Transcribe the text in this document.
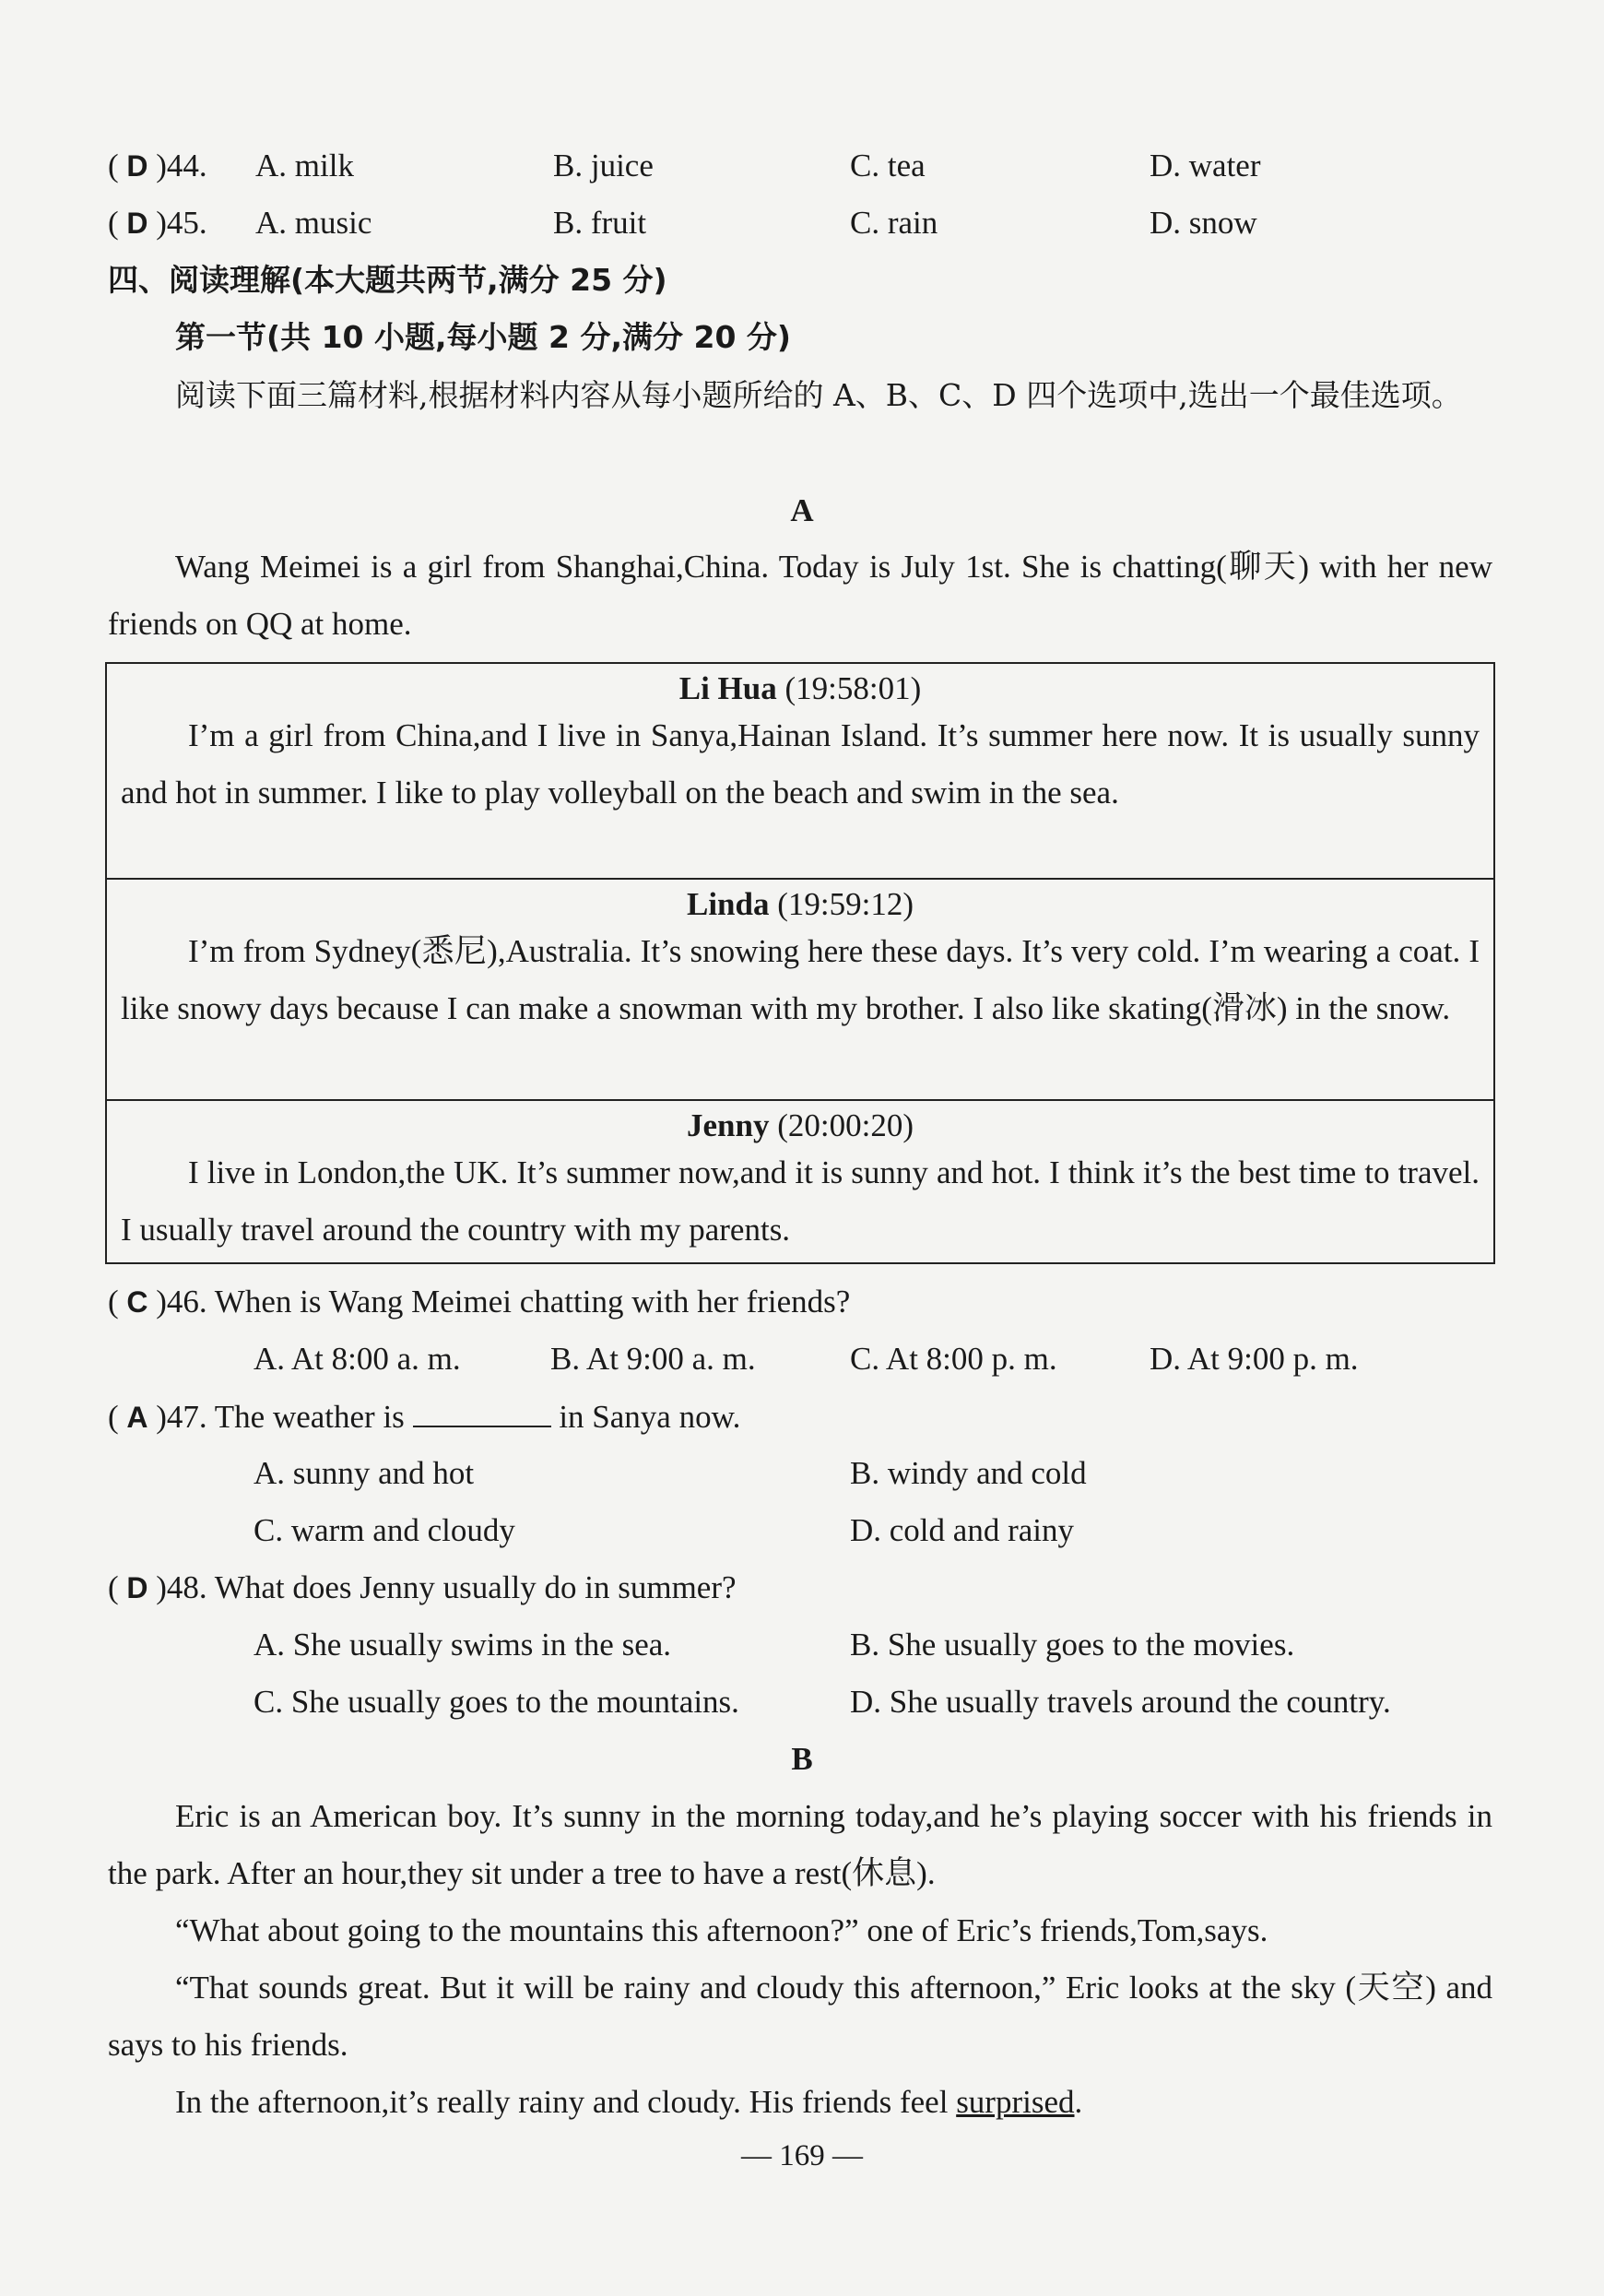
( D )44. A. milk	B. juice	C. tea	D. water
( D )45. A. music	B. fruit	C. rain	D. snow
四、阅读理解(本大题共两节,满分 25 分)
第一节(共 10 小题,每小题 2 分,满分 20 分)
阅读下面三篇材料,根据材料内容从每小题所给的 A、B、C、D 四个选项中,选出一个最佳选项。
A
Wang Meimei is a girl from Shanghai,China. Today is July 1st. She is chatting(聊天) with her new friends on QQ at home.
Li Hua (19:58:01)
I’m a girl from China,and I live in Sanya,Hainan Island. It’s summer here now. It is usually sunny and hot in summer. I like to play volleyball on the beach and swim in the sea.
Linda (19:59:12)
I’m from Sydney(悉尼),Australia. It’s snowing here these days. It’s very cold. I’m wearing a coat. I like snowy days because I can make a snowman with my brother. I also like skating(滑冰) in the snow.
Jenny (20:00:20)
I live in London,the UK. It’s summer now,and it is sunny and hot. I think it’s the best time to travel. I usually travel around the country with my parents.
( C )46. When is Wang Meimei chatting with her friends?
A. At 8:00 a. m.	B. At 9:00 a. m.	C. At 8:00 p. m.	D. At 9:00 p. m.
( A )47. The weather is	in Sanya now.
A. sunny and hot	B. windy and cold
C. warm and cloudy	D. cold and rainy
( D )48. What does Jenny usually do in summer?
A. She usually swims in the sea.	B. She usually goes to the movies.
C. She usually goes to the mountains.	D. She usually travels around the country.
B
Eric is an American boy. It’s sunny in the morning today,and he’s playing soccer with his friends in the park. After an hour,they sit under a tree to have a rest(休息).
“What about going to the mountains this afternoon?” one of Eric’s friends,Tom,says.
“That sounds great. But it will be rainy and cloudy this afternoon,” Eric looks at the sky (天空) and says to his friends.
In the afternoon,it’s really rainy and cloudy. His friends feel surprised.
— 169 —
